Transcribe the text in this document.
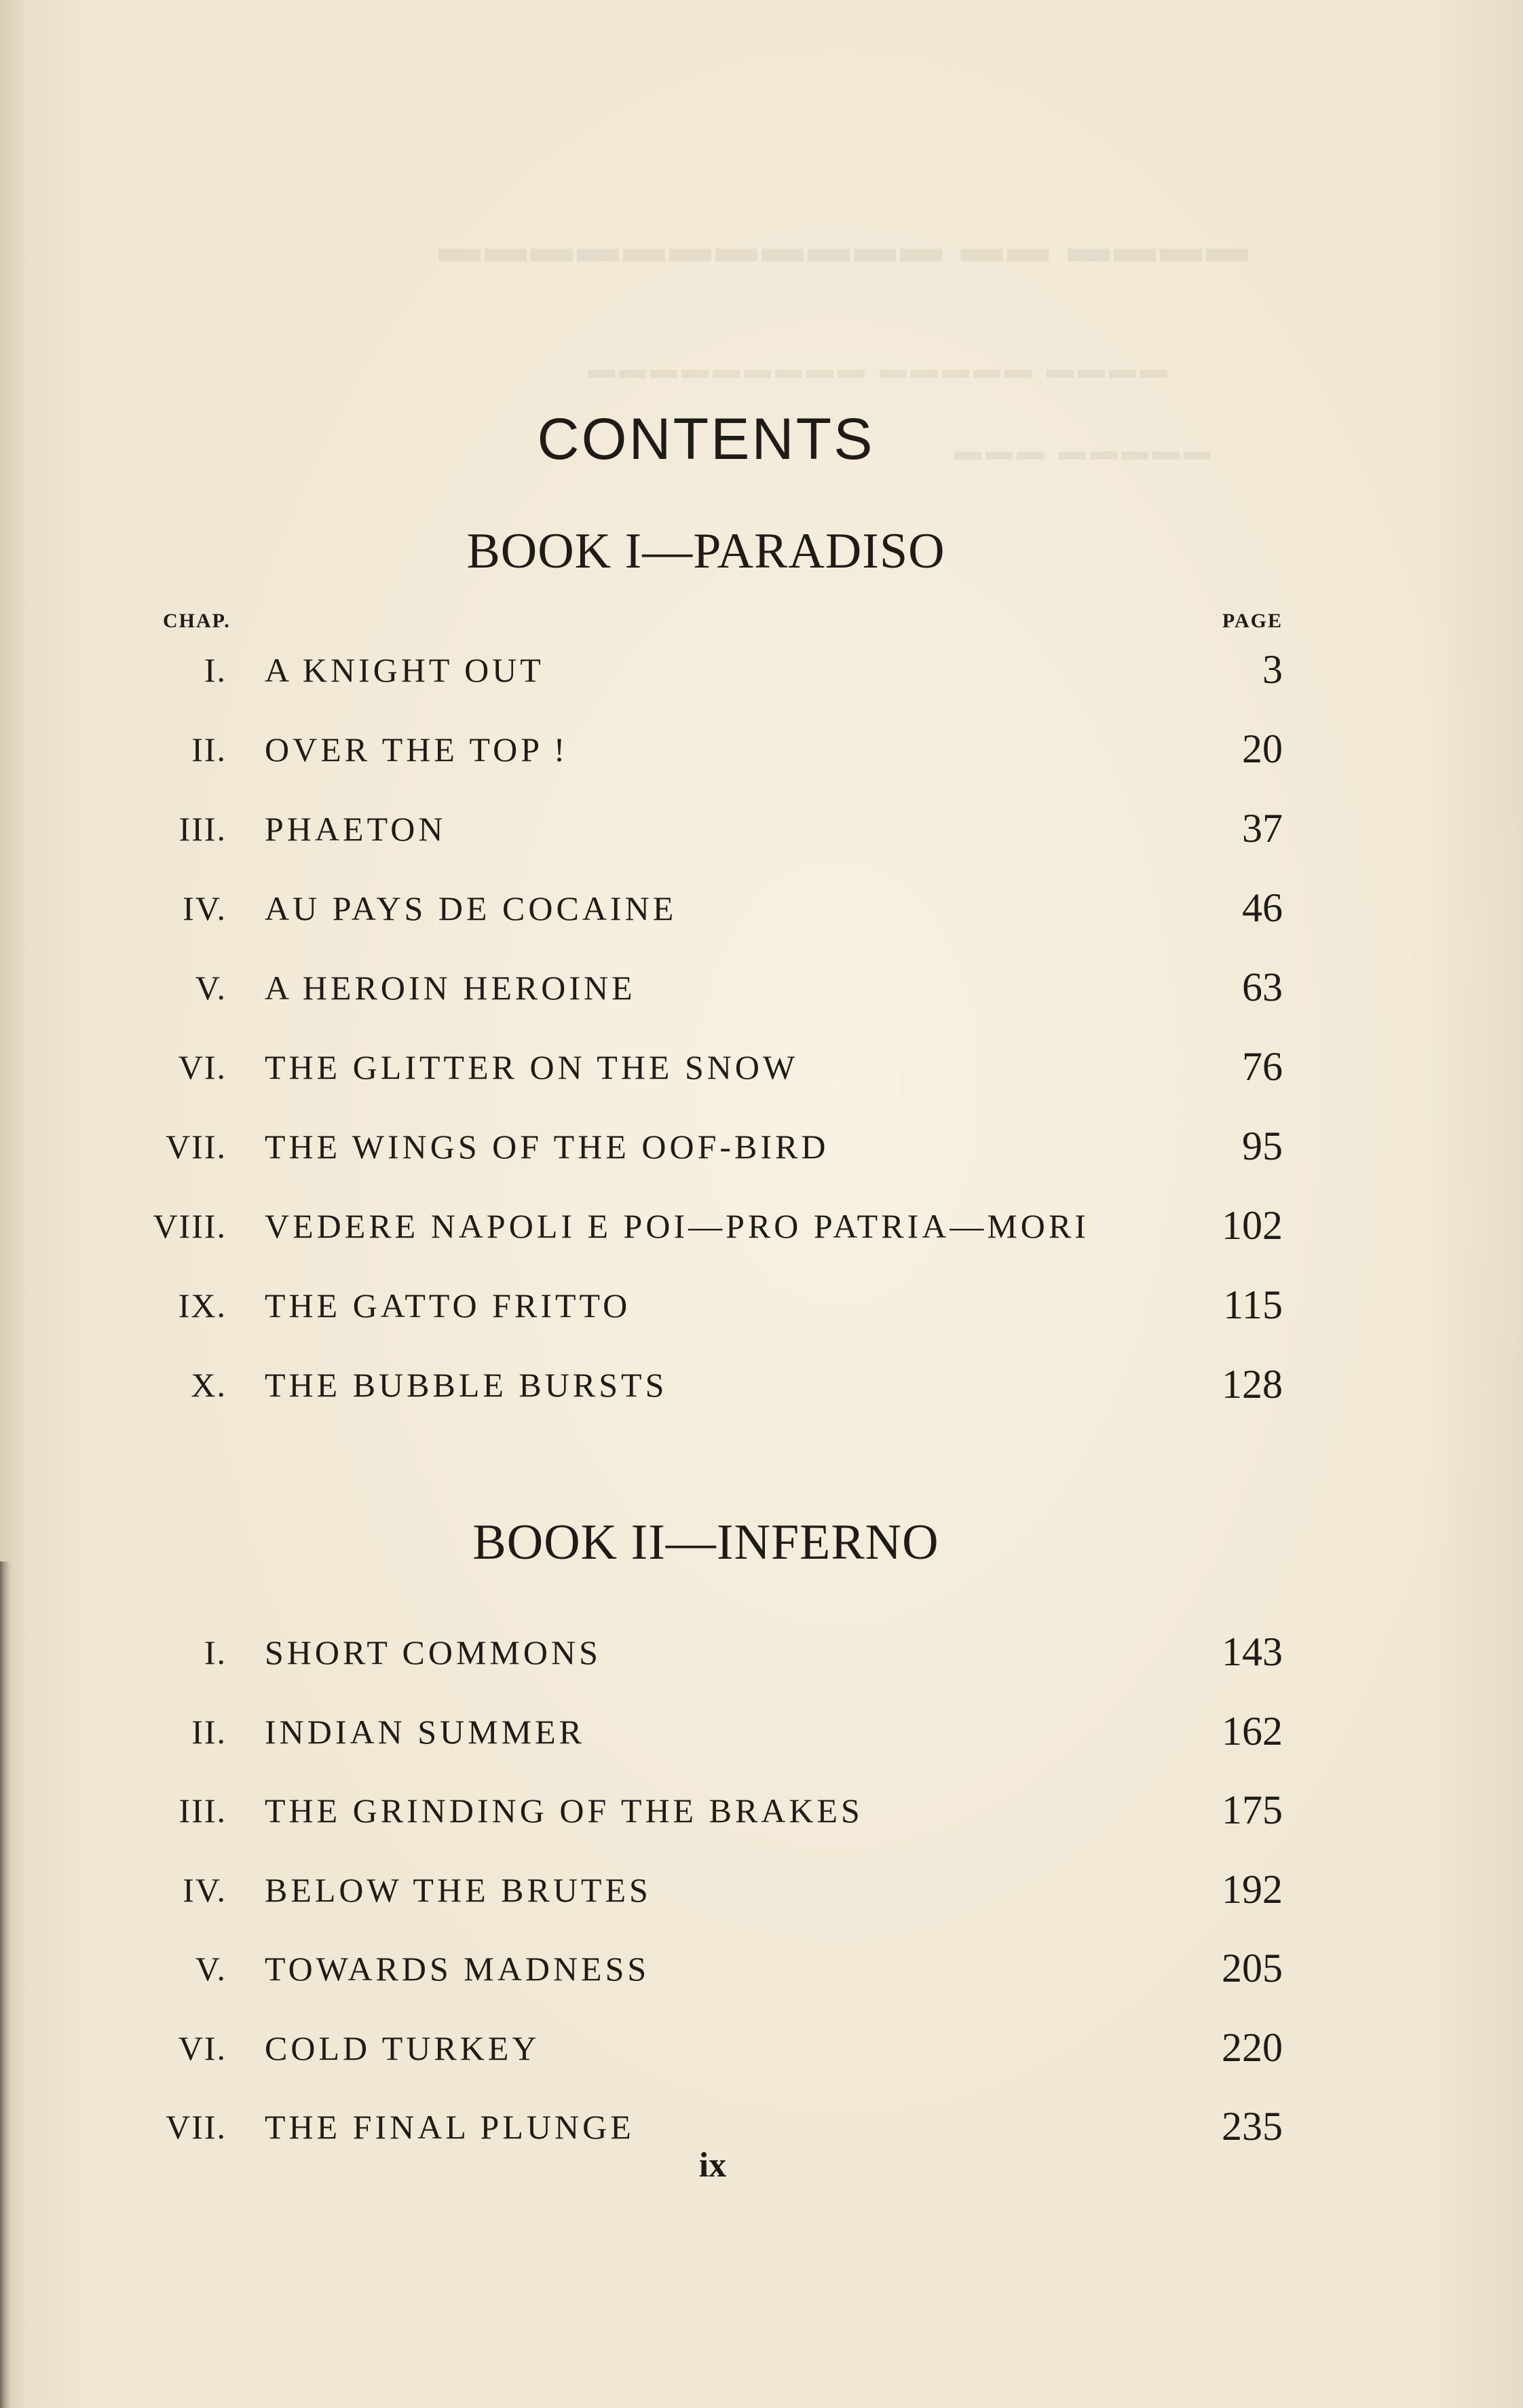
▬▬▬▬ ▬▬ ▬▬▬▬▬▬▬▬▬▬▬
▬▬▬▬ ▬▬▬▬▬ ▬▬▬▬▬▬▬▬▬
▬▬▬▬▬ ▬▬▬
CONTENTS
BOOK I—PARADISO
CHAP.	PAGE
I. A KNIGHT OUT	3
II. OVER THE TOP !	20
III. PHAETON	37
IV. AU PAYS DE COCAINE	46
V. A HEROIN HEROINE	63
VI. THE GLITTER ON THE SNOW	76
VII. THE WINGS OF THE OOF-BIRD	95
VIII. VEDERE NAPOLI E POI—PRO PATRIA—MORI	102
IX. THE GATTO FRITTO	115
X. THE BUBBLE BURSTS	128
BOOK II—INFERNO
I. SHORT COMMONS	143
II. INDIAN SUMMER	162
III. THE GRINDING OF THE BRAKES	175
IV. BELOW THE BRUTES	192
V. TOWARDS MADNESS	205
VI. COLD TURKEY	220
VII. THE FINAL PLUNGE	235
ix
